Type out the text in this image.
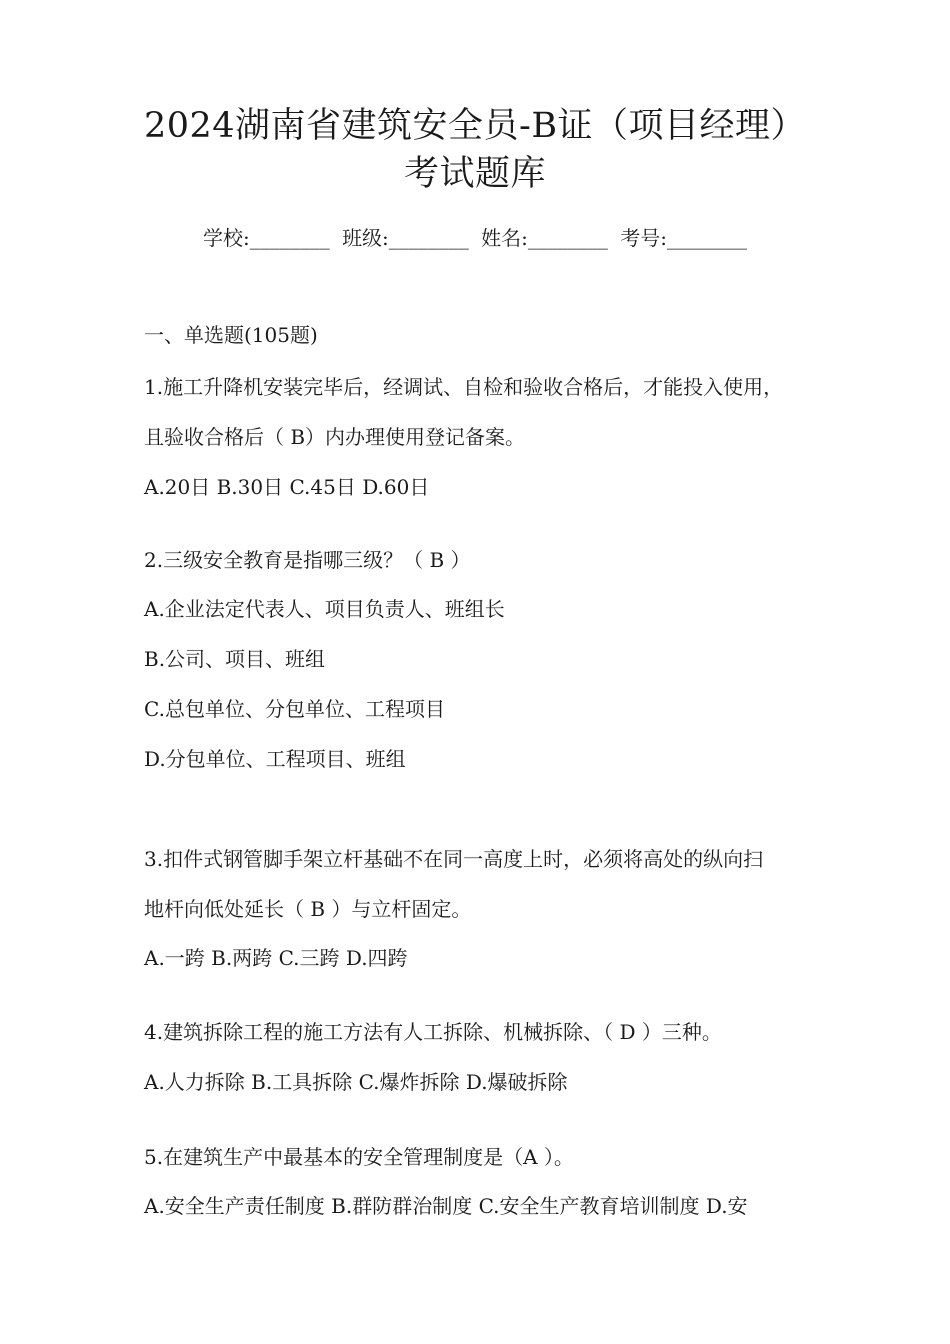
2024湖南省建筑安全员-B证（项目经理）
考试题库
学校:________ 班级:________ 姓名:________ 考号:________
一、单选题(105题)
1.施工升降机安装完毕后，经调试、自检和验收合格后，才能投入使用，
且验收合格后（ B）内办理使用登记备案。
A.20日 B.30日 C.45日 D.60日
2.三级安全教育是指哪三级？（ B ）
A.企业法定代表人、项目负责人、班组长
B.公司、项目、班组
C.总包单位、分包单位、工程项目
D.分包单位、工程项目、班组
3.扣件式钢管脚手架立杆基础不在同一高度上时，必须将高处的纵向扫
地杆向低处延长（ B ）与立杆固定。
A.一跨 B.两跨 C.三跨 D.四跨
4.建筑拆除工程的施工方法有人工拆除、机械拆除、（ D ）三种。
A.人力拆除 B.工具拆除 C.爆炸拆除 D.爆破拆除
5.在建筑生产中最基本的安全管理制度是（A ）。
A.安全生产责任制度 B.群防群治制度 C.安全生产教育培训制度 D.安
